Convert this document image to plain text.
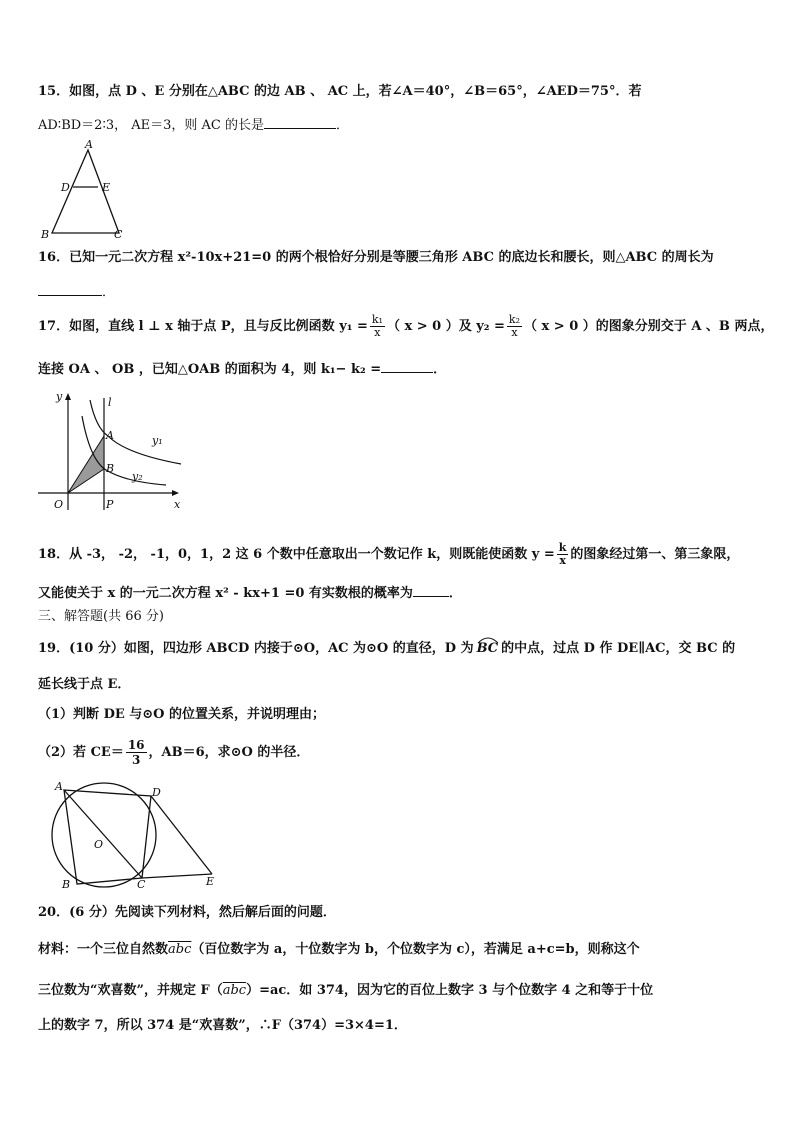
15．如图，点 D 、E 分别在△ABC 的边 AB 、 AC 上，若∠A＝40°，∠B＝65°，∠AED＝75°．若
AD∶BD＝2∶3， AE＝3，则 AC 的长是	．
A
D	E
B	C
16．已知一元二次方程 x²-10x+21=0 的两个根恰好分别是等腰三角形 ABC 的底边长和腰长，则△ABC 的周长为
．
17．如图，直线 l ⊥ x 轴于点 P，且与反比例函数 $y_1 = \frac{\text{k₁}}{x}$ （ x > 0 ）及 $y_2 = \frac{\text{k₂}}{x}$ （ x > 0 ）的图象分别交于 A 、B 两点，
连接 OA 、 OB ，已知△OAB 的面积为 4，则 k₁− k₂ =	．
y	l
A
B
y₁
y₂
O	P	x
18．从 -3， -2， -1，0，1，2 这 6 个数中任意取出一个数记作 k，则既能使函数 $y = \frac{k}{x}$ 的图象经过第一、第三象限，
又能使关于 x 的一元二次方程 x² - kx+1 =0 有实数根的概率为	．
三、解答题(共 66 分)
19．(10 分）如图，四边形 ABCD 内接于⊙O，AC 为⊙O 的直径，D 为 BC 的中点，过点 D 作 DE∥AC，交 BC 的
延长线于点 E．
（1）判断 DE 与⊙O 的位置关系，并说明理由；
（2）若 $CE= \frac{16}{3}$ ，AB＝6，求⊙O 的半径．
A	D
O
B	C	E
20．(6 分）先阅读下列材料，然后解后面的问题．
材料：一个三位自然数$\overline{abc}$（百位数字为 a，十位数字为 b，个位数字为 c），若满足 a+c=b，则称这个
三位数为“欢喜数”，并规定 $F(\overline{abc})=ac$．如 374，因为它的百位上数字 3 与个位数字 4 之和等于十位
上的数字 7，所以 374 是“欢喜数”，∴F（374）=3×4=1．
